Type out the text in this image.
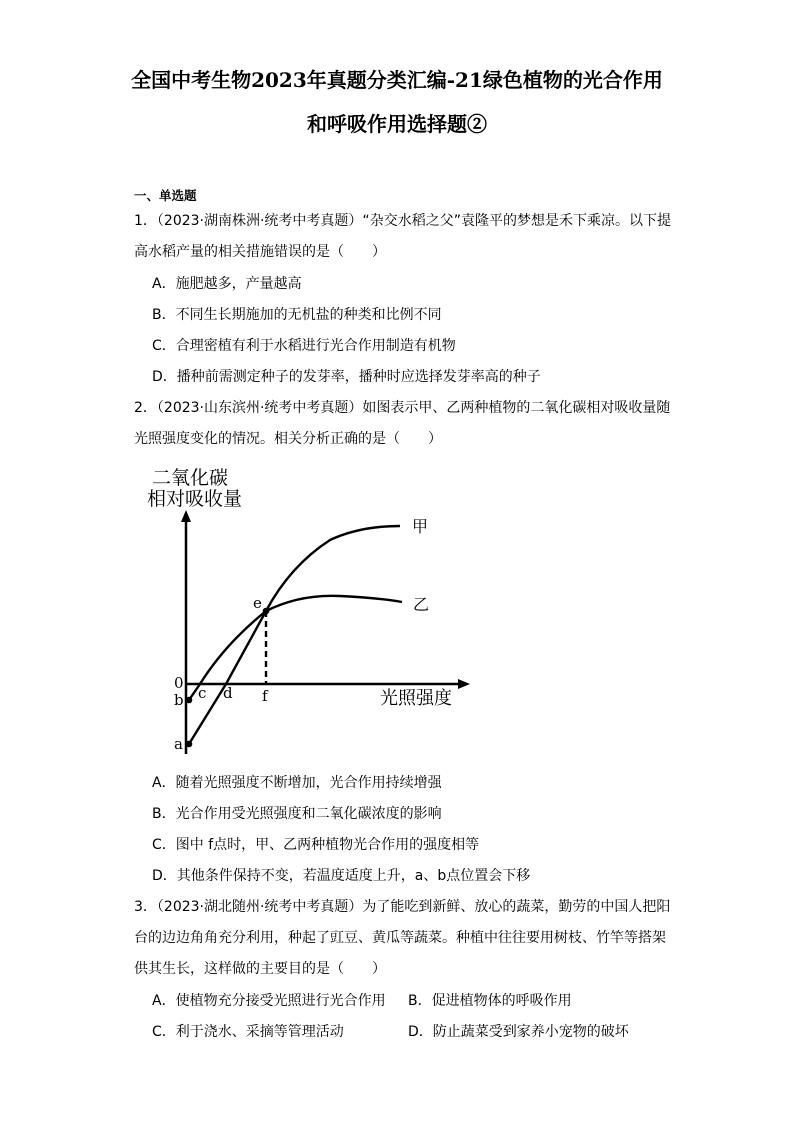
全国中考生物2023年真题分类汇编-21绿色植物的光合作用
和呼吸作用选择题②
一、单选题
1．（2023·湖南株洲·统考中考真题）“杂交水稻之父”袁隆平的梦想是禾下乘凉。以下提
高水稻产量的相关措施错误的是（　　）
A．施肥越多，产量越高
B．不同生长期施加的无机盐的种类和比例不同
C．合理密植有利于水稻进行光合作用制造有机物
D．播种前需测定种子的发芽率，播种时应选择发芽率高的种子
2．（2023·山东滨州·统考中考真题）如图表示甲、乙两种植物的二氧化碳相对吸收量随
光照强度变化的情况。相关分析正确的是（　　）
二氧化碳
相对吸收量
0
a
b c d
e
f
甲
乙
光照强度
A．随着光照强度不断增加，光合作用持续增强
B．光合作用受光照强度和二氧化碳浓度的影响
C．图中 f点时，甲、乙两种植物光合作用的强度相等
D．其他条件保持不变，若温度适度上升，a、b点位置会下移
3．（2023·湖北随州·统考中考真题）为了能吃到新鲜、放心的蔬菜，勤劳的中国人把阳
台的边边角角充分利用，种起了豇豆、黄瓜等蔬菜。种植中往往要用树枝、竹竿等搭架
供其生长，这样做的主要目的是（　　）
A．使植物充分接受光照进行光合作用 B．促进植物体的呼吸作用
C．利于浇水、采摘等管理活动	D．防止蔬菜受到家养小宠物的破坏
